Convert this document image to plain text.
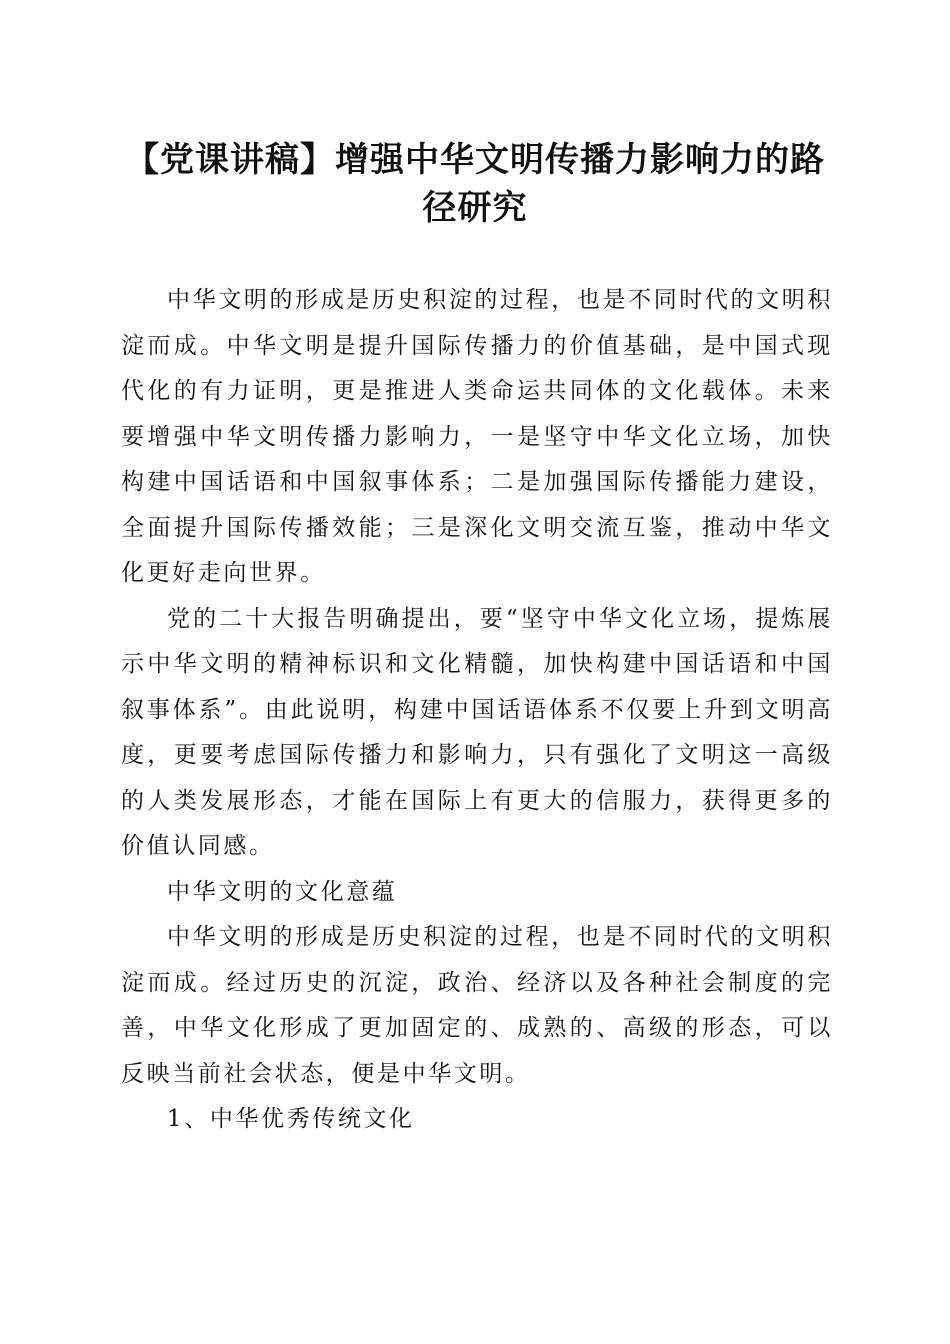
【党课讲稿】增强中华文明传播力影响力的路径研究

中华文明的形成是历史积淀的过程，也是不同时代的文明积淀而成。中华文明是提升国际传播力的价值基础，是中国式现代化的有力证明，更是推进人类命运共同体的文化载体。未来要增强中华文明传播力影响力，一是坚守中华文化立场，加快构建中国话语和中国叙事体系；二是加强国际传播能力建设，全面提升国际传播效能；三是深化文明交流互鉴，推动中华文化更好走向世界。

党的二十大报告明确提出，要“坚守中华文化立场，提炼展示中华文明的精神标识和文化精髓，加快构建中国话语和中国叙事体系”。由此说明，构建中国话语体系不仅要上升到文明高度，更要考虑国际传播力和影响力，只有强化了文明这一高级的人类发展形态，才能在国际上有更大的信服力，获得更多的价值认同感。

中华文明的文化意蕴

中华文明的形成是历史积淀的过程，也是不同时代的文明积淀而成。经过历史的沉淀，政治、经济以及各种社会制度的完善，中华文化形成了更加固定的、成熟的、高级的形态，可以反映当前社会状态，便是中华文明。

1、中华优秀传统文化
